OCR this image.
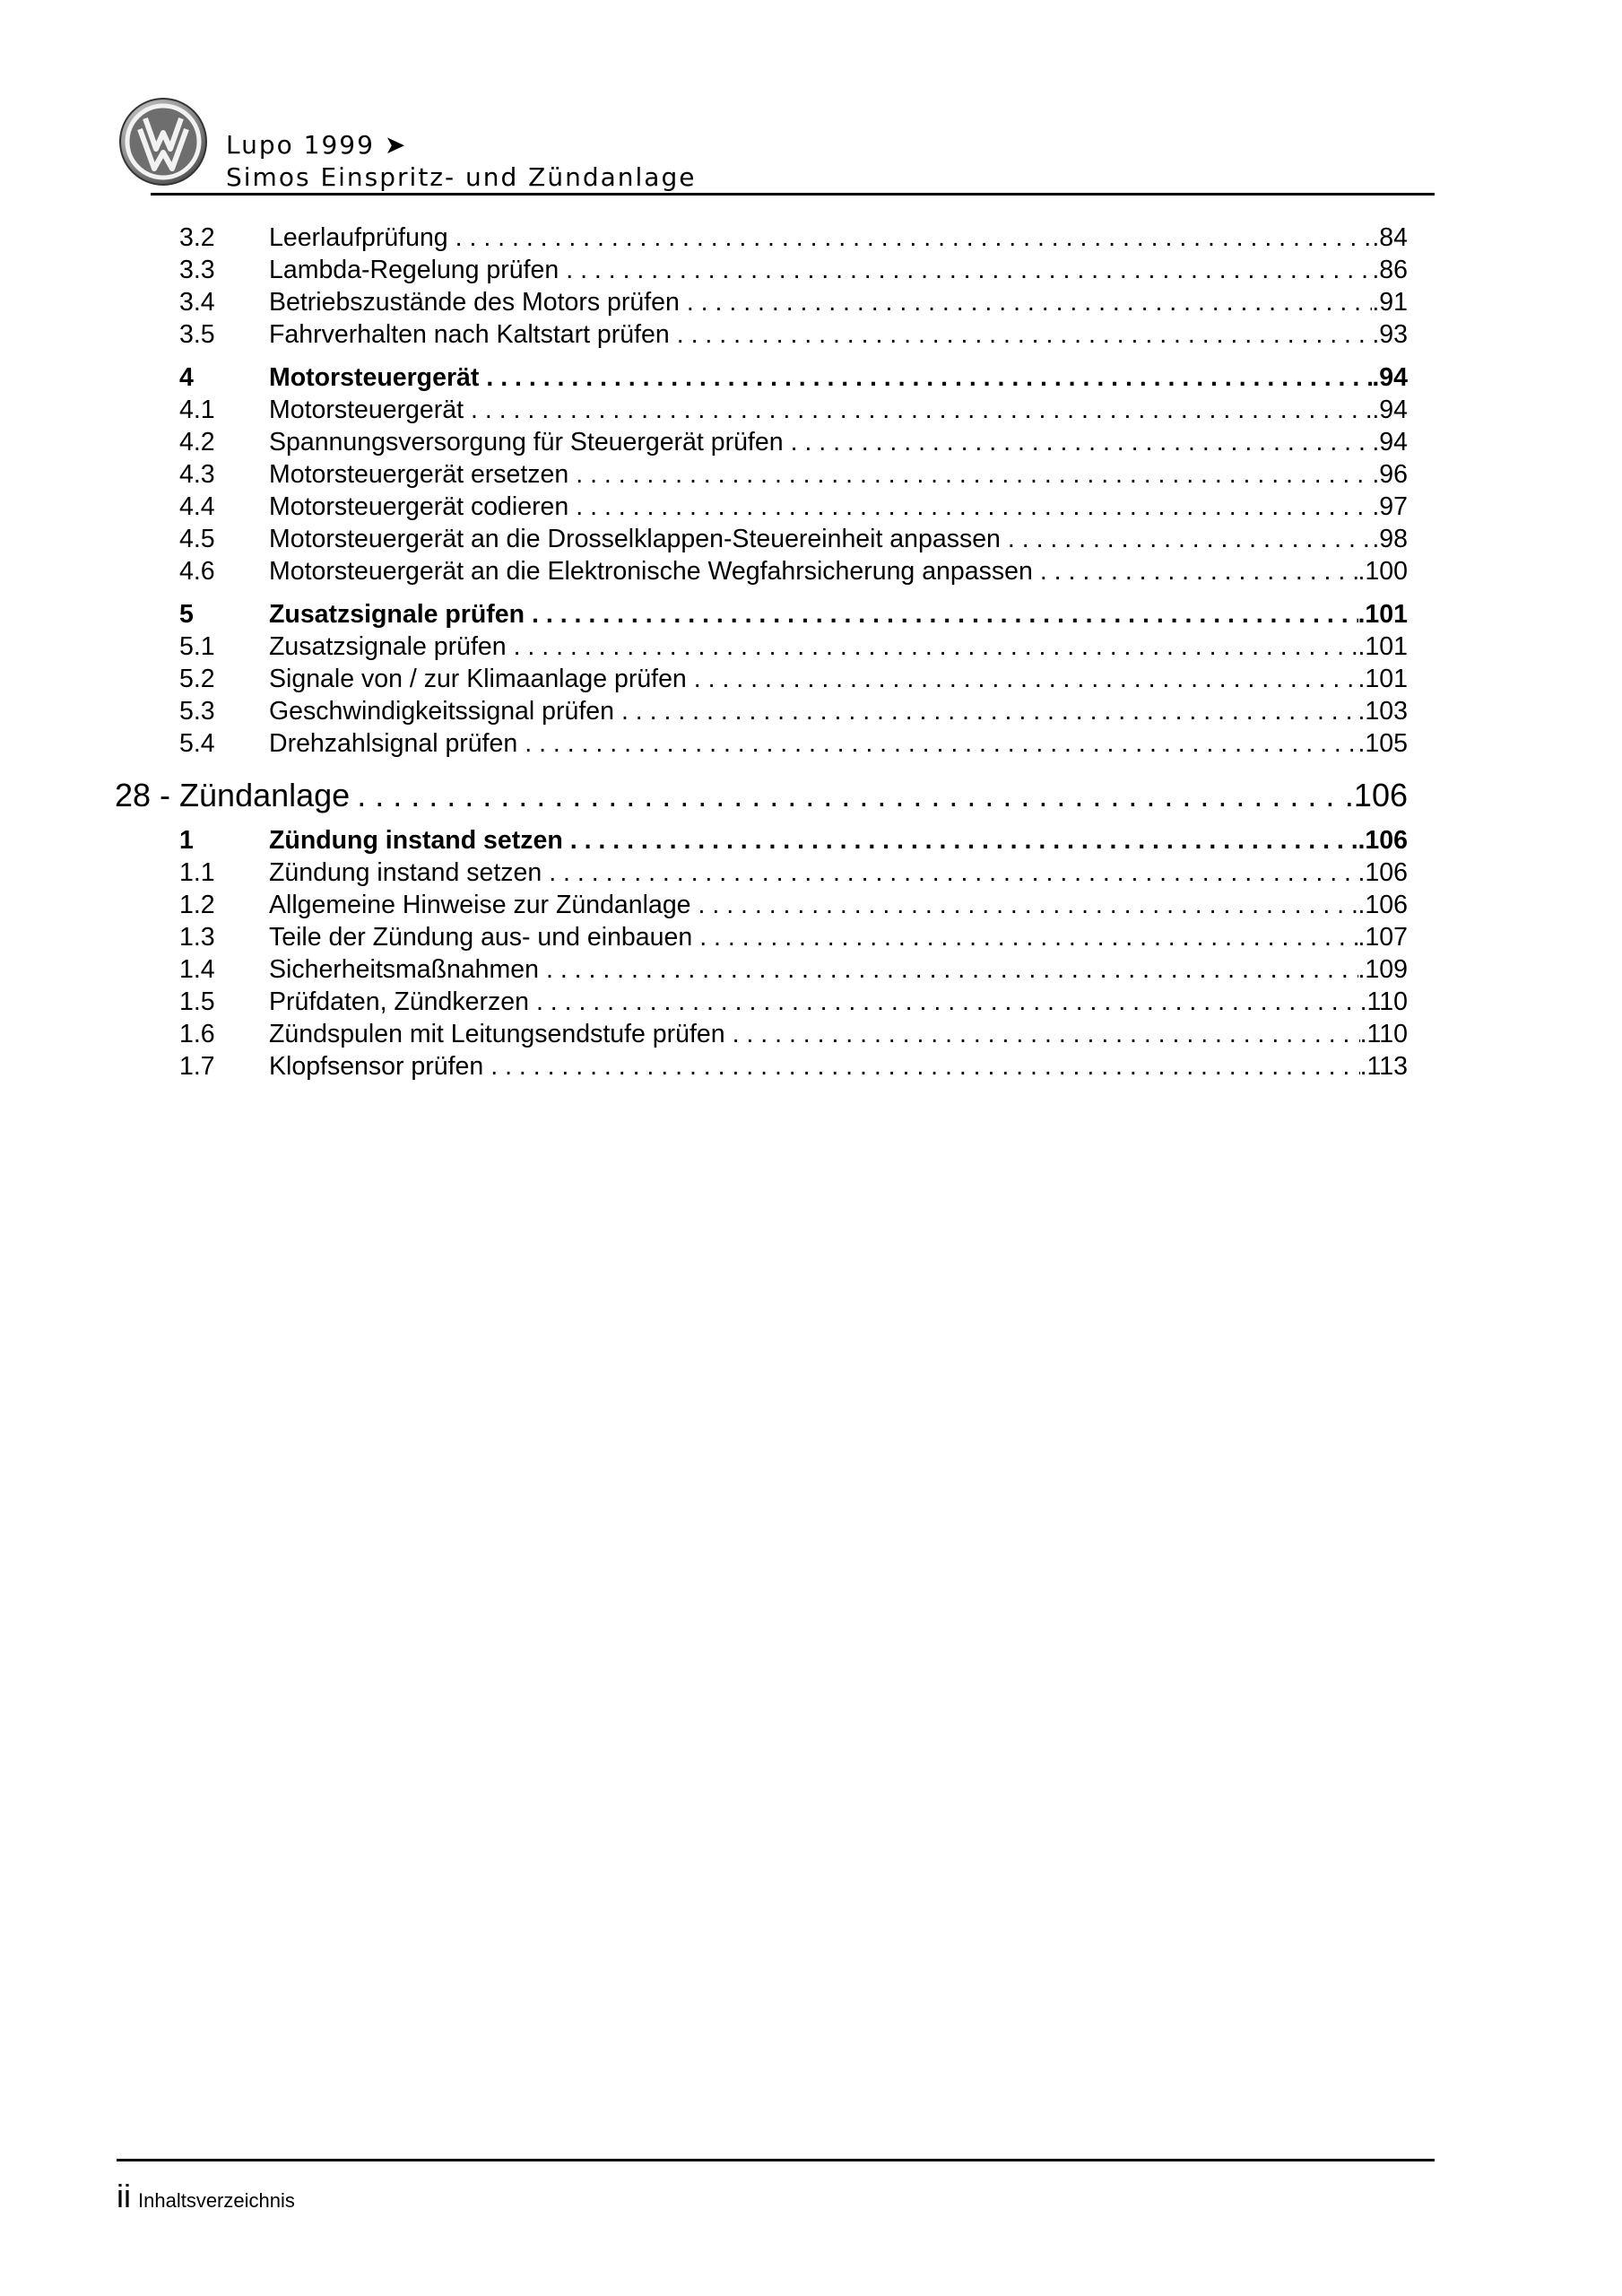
Lupo 1999 ➤
Simos Einspritz- und Zündanlage
3.2 Leerlaufprüfung . . .	.84
3.3 Lambda-Regelung prüfen . . .	.86
3.4 Betriebszustände des Motors prüfen . . .	.91
3.5 Fahrverhalten nach Kaltstart prüfen . . .	.93
4	Motorsteuergerät . . .	.94
4.1 Motorsteuergerät . . .	.94
4.2 Spannungsversorgung für Steuergerät prüfen . . .	.94
4.3 Motorsteuergerät ersetzen . . .	.96
4.4 Motorsteuergerät codieren . . .	.97
4.5 Motorsteuergerät an die Drosselklappen-Steuereinheit anpassen . . .	.98
4.6 Motorsteuergerät an die Elektronische Wegfahrsicherung anpassen . . .	.100
5	Zusatzsignale prüfen . . .	.101
5.1 Zusatzsignale prüfen . . .	.101
5.2 Signale von / zur Klimaanlage prüfen . . .	.101
5.3 Geschwindigkeitssignal prüfen . . .	.103
5.4 Drehzahlsignal prüfen . . .	.105
28 - Zündanlage . . .	.106
1	Zündung instand setzen . . .	.106
1.1 Zündung instand setzen . . .	.106
1.2 Allgemeine Hinweise zur Zündanlage . . .	.106
1.3 Teile der Zündung aus- und einbauen . . .	.107
1.4 Sicherheitsmaßnahmen . . .	.109
1.5 Prüfdaten, Zündkerzen . . .	.110
1.6 Zündspulen mit Leitungsendstufe prüfen . . .	.110
1.7 Klopfsensor prüfen . . .	.113
ii Inhaltsverzeichnis
